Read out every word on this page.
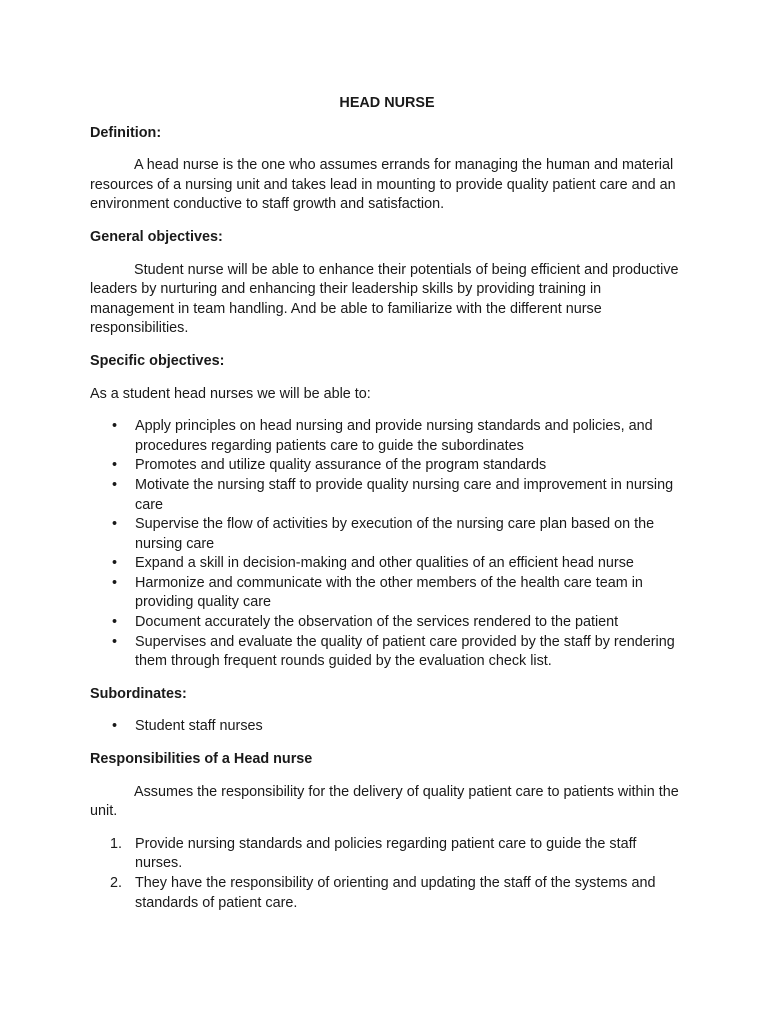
HEAD NURSE

Definition:

A head nurse is the one who assumes errands for managing the human and material resources of a nursing unit and takes lead in mounting to provide quality patient care and an environment conductive to staff growth and satisfaction.

General objectives:

Student nurse will be able to enhance their potentials of being efficient and productive leaders by nurturing and enhancing their leadership skills by providing training in management in team handling. And be able to familiarize with the different nurse responsibilities.

Specific objectives:

As a student head nurses we will be able to:

• Apply principles on head nursing and provide nursing standards and policies, and procedures regarding patients care to guide the subordinates
• Promotes and utilize quality assurance of the program standards
• Motivate the nursing staff to provide quality nursing care and improvement in nursing care
• Supervise the flow of activities by execution of the nursing care plan based on the nursing care
• Expand a skill in decision-making and other qualities of an efficient head nurse
• Harmonize and communicate with the other members of the health care team in providing quality care
• Document accurately the observation of the services rendered to the patient
• Supervises and evaluate the quality of patient care provided by the staff by rendering them through frequent rounds guided by the evaluation check list.

Subordinates:

• Student staff nurses

Responsibilities of a Head nurse

Assumes the responsibility for the delivery of quality patient care to patients within the unit.

1. Provide nursing standards and policies regarding patient care to guide the staff nurses.
2. They have the responsibility of orienting and updating the staff of the systems and standards of patient care.
